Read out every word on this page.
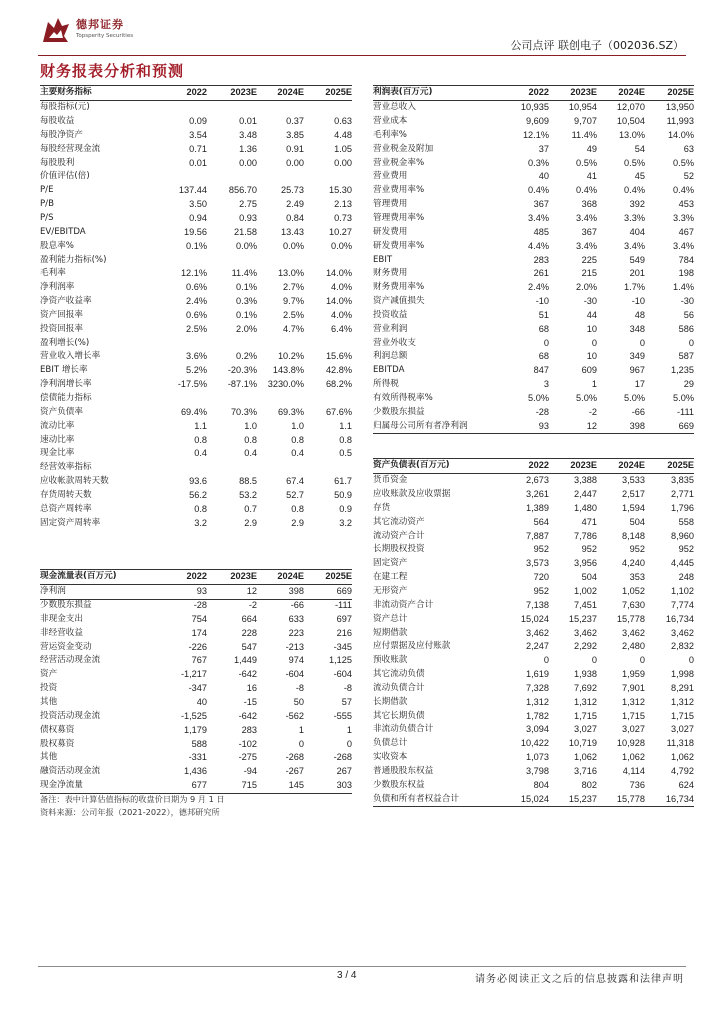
德邦证券
Topsperity Securities
公司点评 联创电子（002036.SZ）
财务报表分析和预测
主要财务指标	2022	2023E	2024E	2025E
每股指标(元)				
每股收益	0.09	0.01	0.37	0.63
每股净资产	3.54	3.48	3.85	4.48
每股经营现金流	0.71	1.36	0.91	1.05
每股股利	0.01	0.00	0.00	0.00
价值评估(倍)				
P/E	137.44	856.70	25.73	15.30
P/B	3.50	2.75	2.49	2.13
P/S	0.94	0.93	0.84	0.73
EV/EBITDA	19.56	21.58	13.43	10.27
股息率%	0.1%	0.0%	0.0%	0.0%
盈利能力指标(%)				
毛利率	12.1%	11.4%	13.0%	14.0%
净利润率	0.6%	0.1%	2.7%	4.0%
净资产收益率	2.4%	0.3%	9.7%	14.0%
资产回报率	0.6%	0.1%	2.5%	4.0%
投资回报率	2.5%	2.0%	4.7%	6.4%
盈利增长(%)				
营业收入增长率	3.6%	0.2%	10.2%	15.6%
EBIT 增长率	5.2%	-20.3%	143.8%	42.8%
净利润增长率	-17.5%	-87.1%	3230.0%	68.2%
偿债能力指标				
资产负债率	69.4%	70.3%	69.3%	67.6%
流动比率	1.1	1.0	1.0	1.1
速动比率	0.8	0.8	0.8	0.8
现金比率	0.4	0.4	0.4	0.5
经营效率指标				
应收帐款周转天数	93.6	88.5	67.4	61.7
存货周转天数	56.2	53.2	52.7	50.9
总资产周转率	0.8	0.7	0.8	0.9
固定资产周转率	3.2	2.9	2.9	3.2

利润表(百万元)	2022	2023E	2024E	2025E
营业总收入	10,935	10,954	12,070	13,950
营业成本	9,609	9,707	10,504	11,993
毛利率%	12.1%	11.4%	13.0%	14.0%
营业税金及附加	37	49	54	63
营业税金率%	0.3%	0.5%	0.5%	0.5%
营业费用	40	41	45	52
营业费用率%	0.4%	0.4%	0.4%	0.4%
管理费用	367	368	392	453
管理费用率%	3.4%	3.4%	3.3%	3.3%
研发费用	485	367	404	467
研发费用率%	4.4%	3.4%	3.4%	3.4%
EBIT	283	225	549	784
财务费用	261	215	201	198
财务费用率%	2.4%	2.0%	1.7%	1.4%
资产减值损失	-10	-30	-10	-30
投资收益	51	44	48	56
营业利润	68	10	348	586
营业外收支	0	0	0	0
利润总额	68	10	349	587
EBITDA	847	609	967	1,235
所得税	3	1	17	29
有效所得税率%	5.0%	5.0%	5.0%	5.0%
少数股东损益	-28	-2	-66	-111
归属母公司所有者净利润	93	12	398	669
资产负债表(百万元)	2022	2023E	2024E	2025E
货币资金	2,673	3,388	3,533	3,835
应收账款及应收票据	3,261	2,447	2,517	2,771
存货	1,389	1,480	1,594	1,796
其它流动资产	564	471	504	558
流动资产合计	7,887	7,786	8,148	8,960
长期股权投资	952	952	952	952
固定资产	3,573	3,956	4,240	4,445
在建工程	720	504	353	248
无形资产	952	1,002	1,052	1,102
非流动资产合计	7,138	7,451	7,630	7,774
资产总计	15,024	15,237	15,778	16,734
短期借款	3,462	3,462	3,462	3,462
应付票据及应付账款	2,247	2,292	2,480	2,832
预收账款	0	0	0	0
其它流动负债	1,619	1,938	1,959	1,998
流动负债合计	7,328	7,692	7,901	8,291
长期借款	1,312	1,312	1,312	1,312
其它长期负债	1,782	1,715	1,715	1,715
非流动负债合计	3,094	3,027	3,027	3,027
负债总计	10,422	10,719	10,928	11,318
实收资本	1,073	1,062	1,062	1,062
普通股股东权益	3,798	3,716	4,114	4,792
少数股东权益	804	802	736	624
负债和所有者权益合计	15,024	15,237	15,778	16,734
现金流量表(百万元)	2022	2023E	2024E	2025E
净利润	93	12	398	669
少数股东损益	-28	-2	-66	-111
非现金支出	754	664	633	697
非经营收益	174	228	223	216
营运资金变动	-226	547	-213	-345
经营活动现金流	767	1,449	974	1,125
资产	-1,217	-642	-604	-604
投资	-347	16	-8	-8
其他	40	-15	50	57
投资活动现金流	-1,525	-642	-562	-555
债权募资	1,179	283	1	1
股权募资	588	-102	0	0
其他	-331	-275	-268	-268
融资活动现金流	1,436	-94	-267	267
现金净流量	677	715	145	303
备注：表中计算估值指标的收盘价日期为 9 月 1 日
资料来源：公司年报（2021-2022），德邦研究所
3 / 4	请务必阅读正文之后的信息披露和法律声明
